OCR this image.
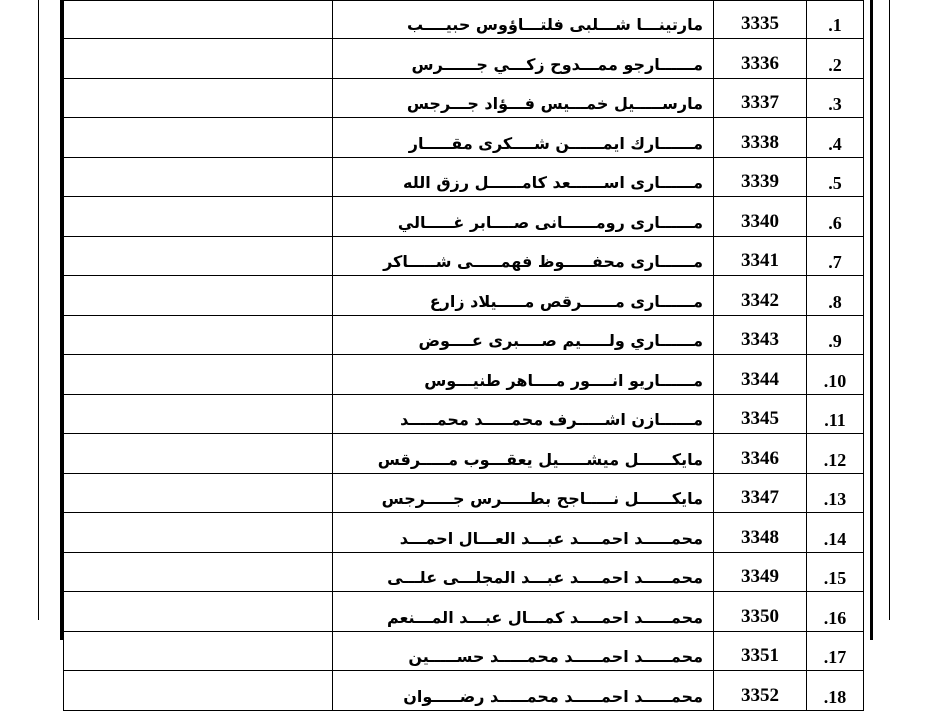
	مارتينـــا شـــلبى فلتـــاؤوس حبيــــب	3335	.1
	مــــــارجو ممـــدوح زكـــي جــــــرس	3336	.2
	مارســـــيل خمـــيس فـــؤاد جـــرجس	3337	.3
	مــــــارك ايمــــــن شــــكرى مقـــــار	3338	.4
	مــــــارى اســــــعد كامــــــل رزق الله	3339	.5
	مــــــارى رومــــــانى صــــابر غـــــالي	3340	.6
	مــــــارى محفـــــوظ فهمـــــى شـــــاكر	3341	.7
	مــــــارى مــــــرقص مـــــيلاد زارع	3342	.8
	مــــــاري ولـــــيم صــــبرى عــــوض	3343	.9
	مــــــاريو انــــور مــــاهر طنيـــوس	3344	.10
	مــــــازن اشـــــرف محمـــــد محمـــــد	3345	.11
	مايكــــــل ميشـــــيل يعقـــوب مـــــرقس	3346	.12
	مايكــــــل نـــــاجح بطـــــرس جـــــرجس	3347	.13
	محمـــــد احمــــد عبـــد العـــال احمـــد	3348	.14
	محمـــــد احمــــد عبـــد المجلـــى علـــى	3349	.15
	محمـــــد احمــــد كمـــال عبـــد المـــنعم	3350	.16
	محمـــــد احمـــــد محمـــــد حســـــين	3351	.17
	محمـــــد احمـــــد محمـــــد رضـــــوان	3352	.18
